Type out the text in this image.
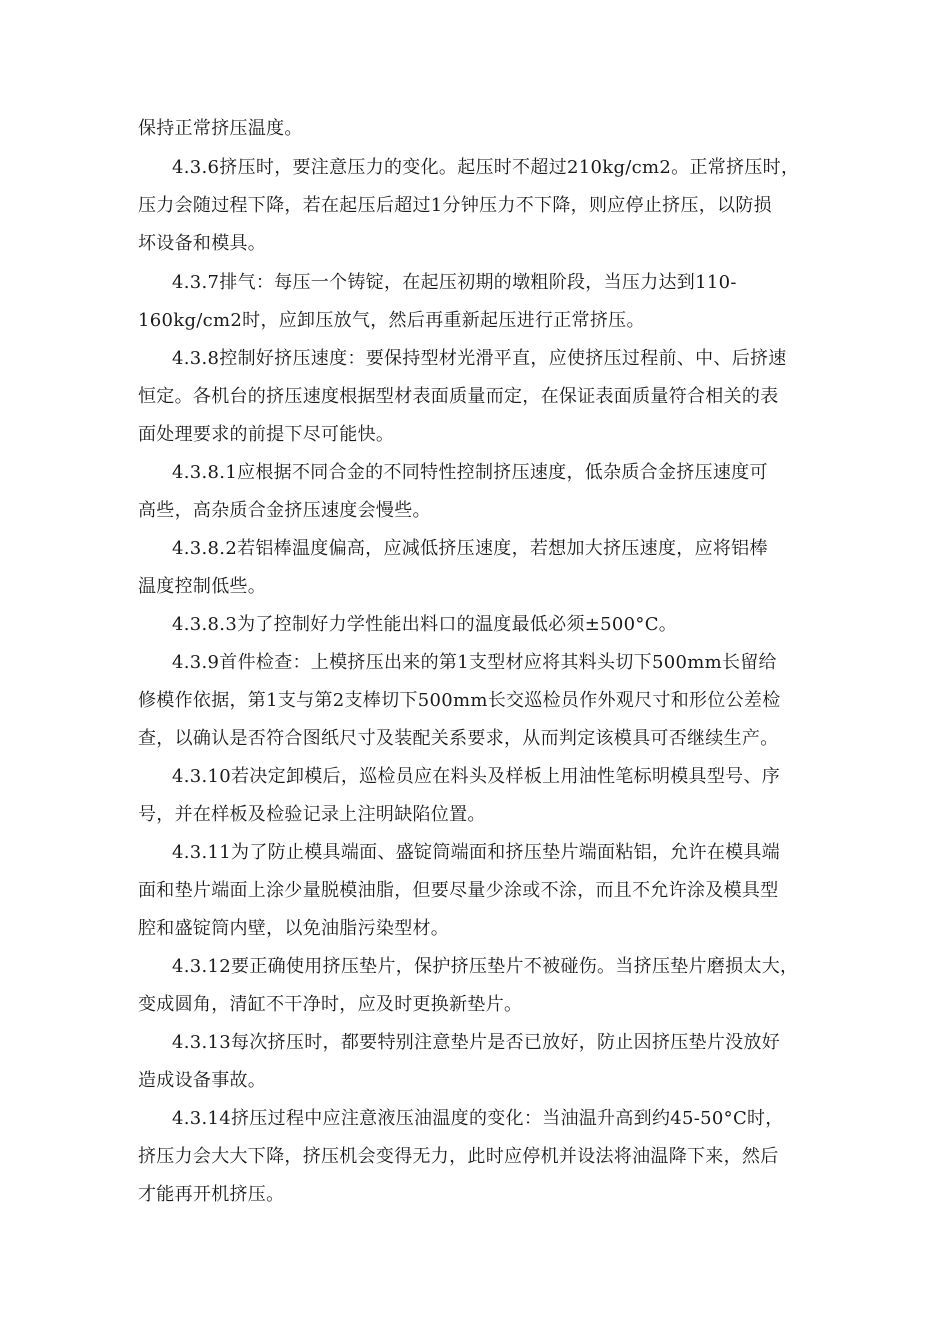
保持正常挤压温度。

4.3.6挤压时，要注意压力的变化。起压时不超过210kg/cm2。正常挤压时，

压力会随过程下降，若在起压后超过1分钟压力不下降，则应停止挤压，以防损

坏设备和模具。

4.3.7排气：每压一个铸锭，在起压初期的墩粗阶段，当压力达到110-

160kg/cm2时，应卸压放气，然后再重新起压进行正常挤压。

4.3.8控制好挤压速度：要保持型材光滑平直，应使挤压过程前、中、后挤速

恒定。各机台的挤压速度根据型材表面质量而定，在保证表面质量符合相关的表

面处理要求的前提下尽可能快。

4.3.8.1应根据不同合金的不同特性控制挤压速度，低杂质合金挤压速度可

高些，高杂质合金挤压速度会慢些。

4.3.8.2若铝棒温度偏高，应减低挤压速度，若想加大挤压速度，应将铝棒

温度控制低些。

4.3.8.3为了控制好力学性能出料口的温度最低必须±500°C。

4.3.9首件检查：上模挤压出来的第1支型材应将其料头切下500mm长留给

修模作依据，第1支与第2支棒切下500mm长交巡检员作外观尺寸和形位公差检

查，以确认是否符合图纸尺寸及装配关系要求，从而判定该模具可否继续生产。

4.3.10若决定卸模后，巡检员应在料头及样板上用油性笔标明模具型号、序

号，并在样板及检验记录上注明缺陷位置。

4.3.11为了防止模具端面、盛锭筒端面和挤压垫片端面粘铝，允许在模具端

面和垫片端面上涂少量脱模油脂，但要尽量少涂或不涂，而且不允许涂及模具型

腔和盛锭筒内壁，以免油脂污染型材。

4.3.12要正确使用挤压垫片，保护挤压垫片不被碰伤。当挤压垫片磨损太大，

变成圆角，清缸不干净时，应及时更换新垫片。

4.3.13每次挤压时，都要特别注意垫片是否已放好，防止因挤压垫片没放好

造成设备事故。

4.3.14挤压过程中应注意液压油温度的变化：当油温升高到约45-50°C时，

挤压力会大大下降，挤压机会变得无力，此时应停机并设法将油温降下来，然后

才能再开机挤压。
